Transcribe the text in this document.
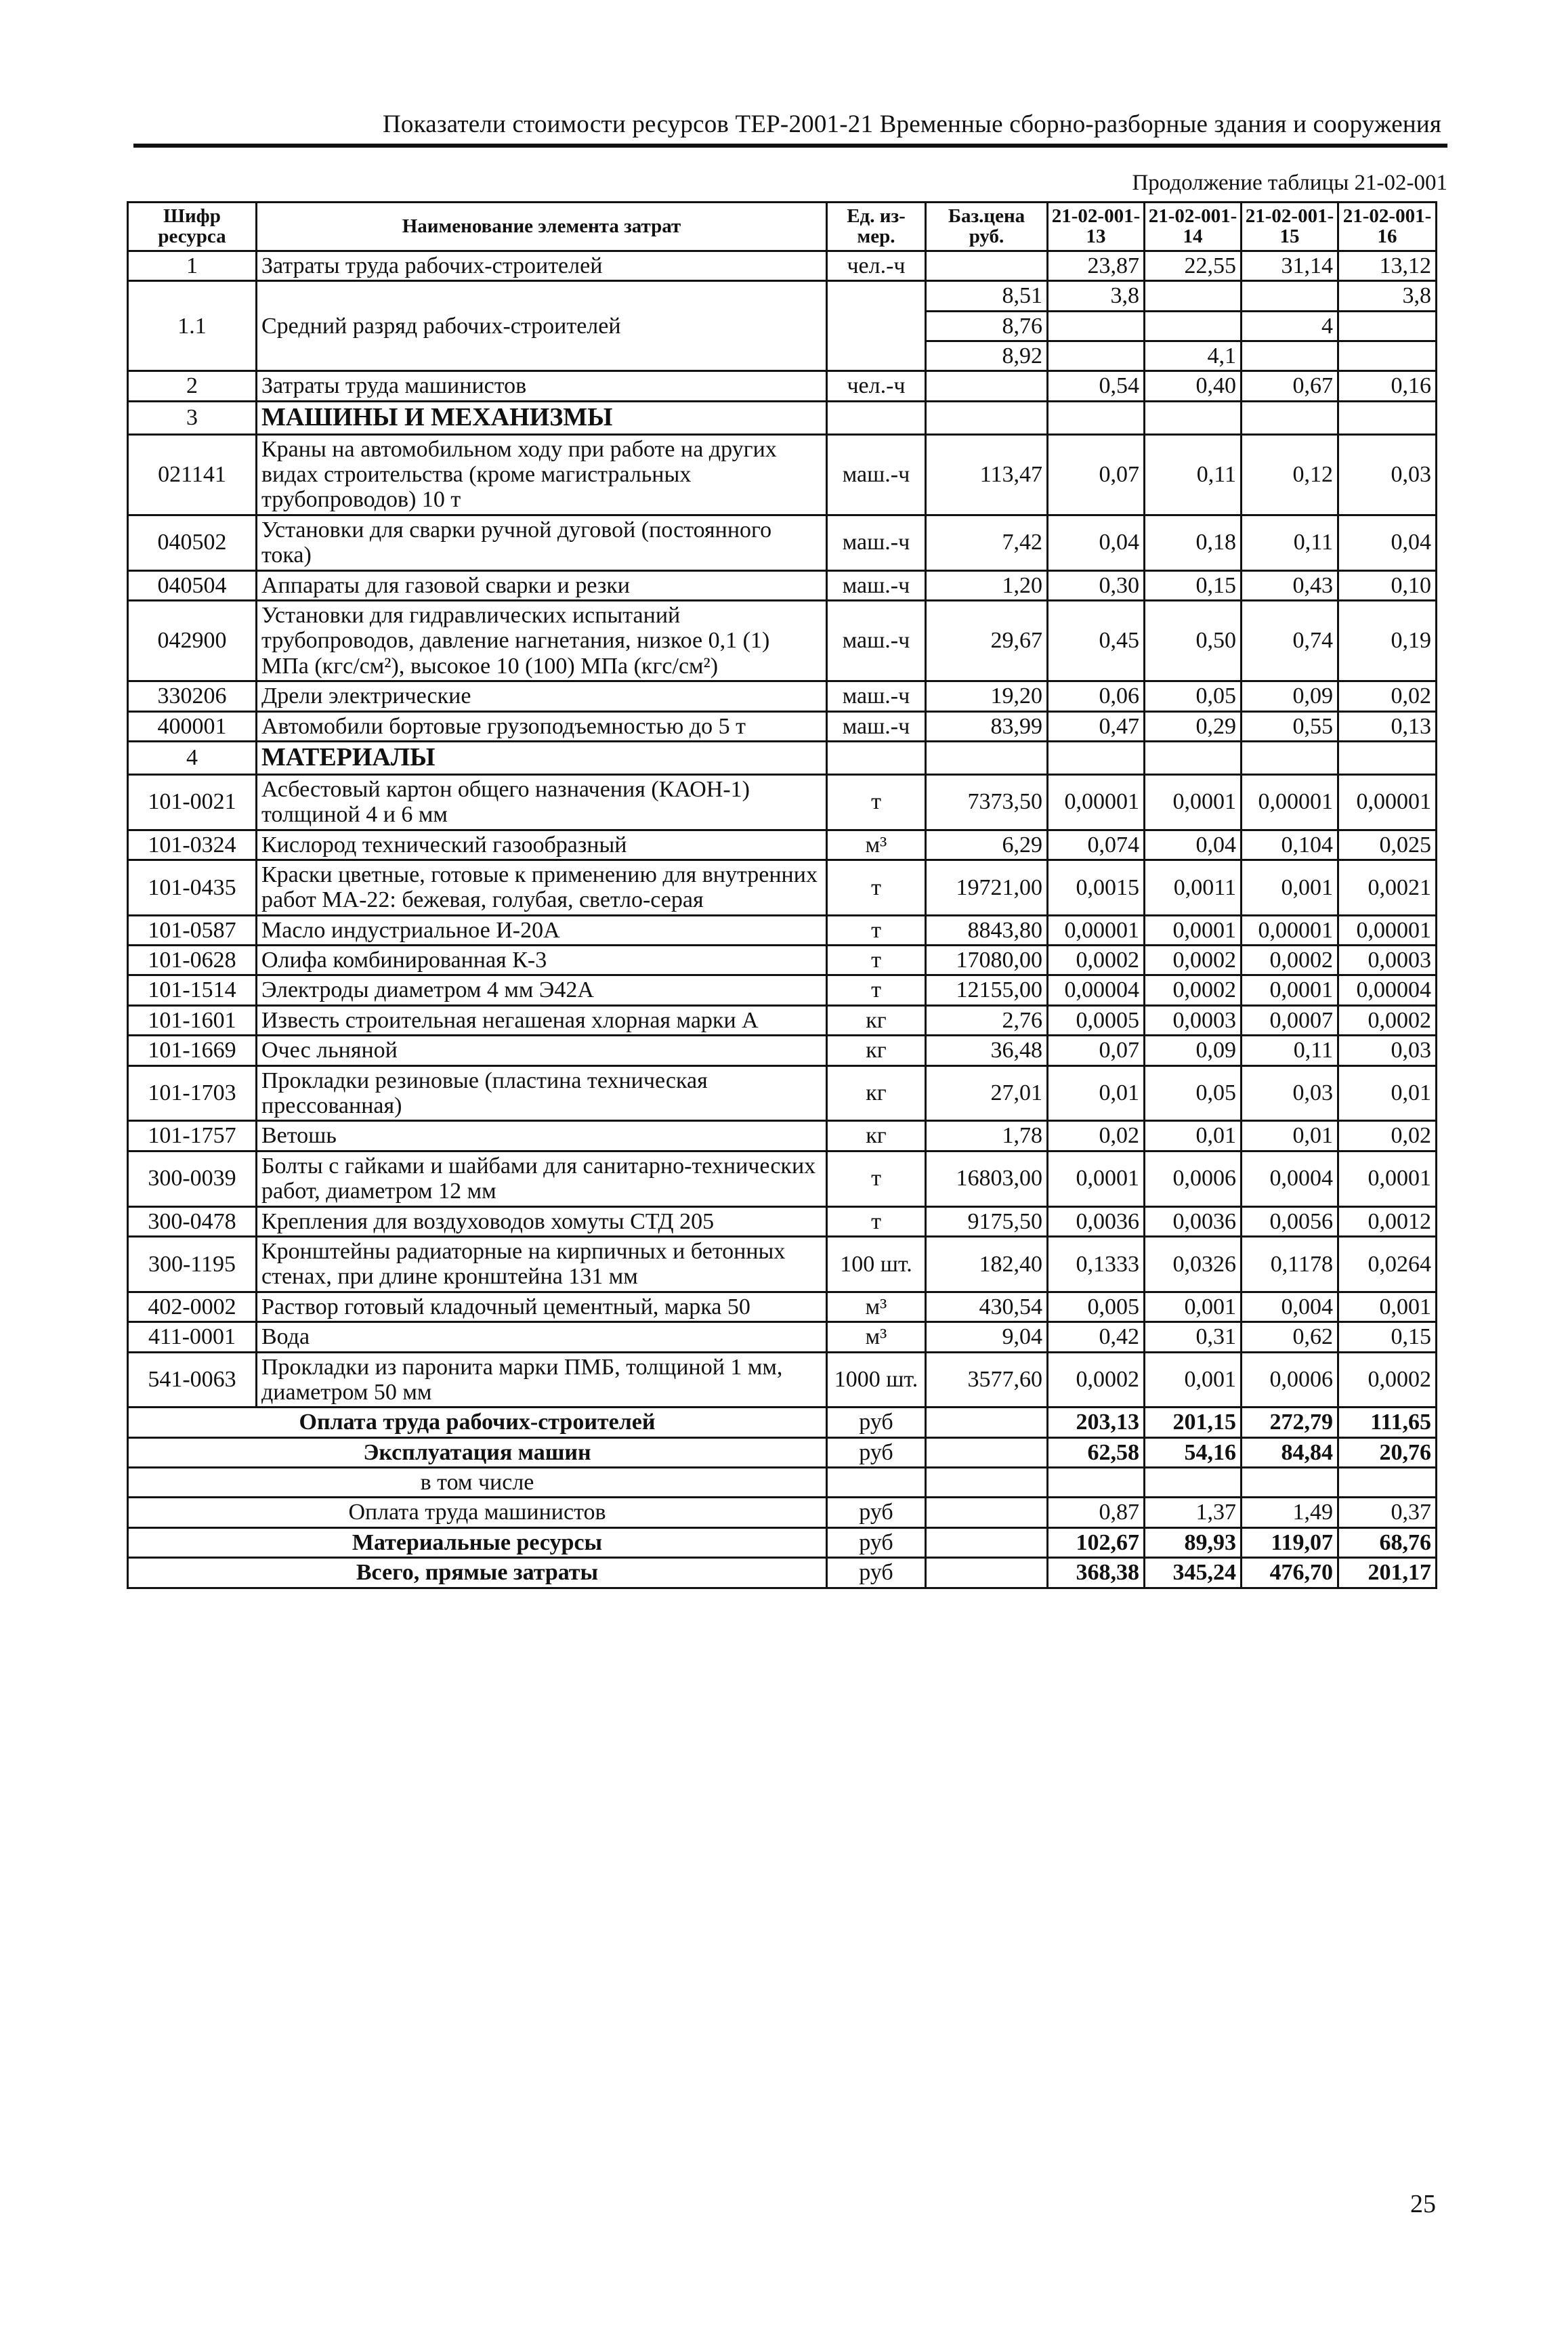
Показатели стоимости ресурсов ТЕР-2001-21 Временные сборно-разборные здания и сооружения
Продолжение таблицы 21-02-001
Шифр ресурса	Наименование элемента затрат	Ед. из-мер.	Баз.цена руб.	21-02-001-13	21-02-001-14	21-02-001-15	21-02-001-16
1	Затраты труда рабочих-строителей	чел.-ч		23,87	22,55	31,14	13,12
1.1	Средний разряд рабочих-строителей		8,51	3,8			3,8
			8,76			4	
			8,92		4,1		
2	Затраты труда машинистов	чел.-ч		0,54	0,40	0,67	0,16
3	МАШИНЫ И МЕХАНИЗМЫ						
021141	Краны на автомобильном ходу при работе на других видах строительства (кроме магистральных трубопроводов) 10 т	маш.-ч	113,47	0,07	0,11	0,12	0,03
040502	Установки для сварки ручной дуговой (постоянного тока)	маш.-ч	7,42	0,04	0,18	0,11	0,04
040504	Аппараты для газовой сварки и резки	маш.-ч	1,20	0,30	0,15	0,43	0,10
042900	Установки для гидравлических испытаний трубопроводов, давление нагнетания, низкое 0,1 (1) МПа (кгс/см²), высокое 10 (100) МПа (кгс/см²)	маш.-ч	29,67	0,45	0,50	0,74	0,19
330206	Дрели электрические	маш.-ч	19,20	0,06	0,05	0,09	0,02
400001	Автомобили бортовые грузоподъемностью до 5 т	маш.-ч	83,99	0,47	0,29	0,55	0,13
4	МАТЕРИАЛЫ						
101-0021	Асбестовый картон общего назначения (КАОН-1) толщиной 4 и 6 мм	т	7373,50	0,00001	0,0001	0,00001	0,00001
101-0324	Кислород технический газообразный	м³	6,29	0,074	0,04	0,104	0,025
101-0435	Краски цветные, готовые к применению для внутренних работ МА-22: бежевая, голубая, светло-серая	т	19721,00	0,0015	0,0011	0,001	0,0021
101-0587	Масло индустриальное И-20А	т	8843,80	0,00001	0,0001	0,00001	0,00001
101-0628	Олифа комбинированная К-3	т	17080,00	0,0002	0,0002	0,0002	0,0003
101-1514	Электроды диаметром 4 мм Э42А	т	12155,00	0,00004	0,0002	0,0001	0,00004
101-1601	Известь строительная негашеная хлорная марки А	кг	2,76	0,0005	0,0003	0,0007	0,0002
101-1669	Очес льняной	кг	36,48	0,07	0,09	0,11	0,03
101-1703	Прокладки резиновые (пластина техническая прессованная)	кг	27,01	0,01	0,05	0,03	0,01
101-1757	Ветошь	кг	1,78	0,02	0,01	0,01	0,02
300-0039	Болты с гайками и шайбами для санитарно-технических работ, диаметром 12 мм	т	16803,00	0,0001	0,0006	0,0004	0,0001
300-0478	Крепления для воздуховодов хомуты СТД 205	т	9175,50	0,0036	0,0036	0,0056	0,0012
300-1195	Кронштейны радиаторные на кирпичных и бетонных стенах, при длине кронштейна 131 мм	100 шт.	182,40	0,1333	0,0326	0,1178	0,0264
402-0002	Раствор готовый кладочный цементный, марка 50	м³	430,54	0,005	0,001	0,004	0,001
411-0001	Вода	м³	9,04	0,42	0,31	0,62	0,15
541-0063	Прокладки из паронита марки ПМБ, толщиной 1 мм, диаметром 50 мм	1000 шт.	3577,60	0,0002	0,001	0,0006	0,0002
Оплата труда рабочих-строителей		руб		203,13	201,15	272,79	111,65
Эксплуатация машин		руб		62,58	54,16	84,84	20,76
в том числе							
Оплата труда машинистов		руб		0,87	1,37	1,49	0,37
Материальные ресурсы		руб		102,67	89,93	119,07	68,76
Всего, прямые затраты		руб		368,38	345,24	476,70	201,17
25
